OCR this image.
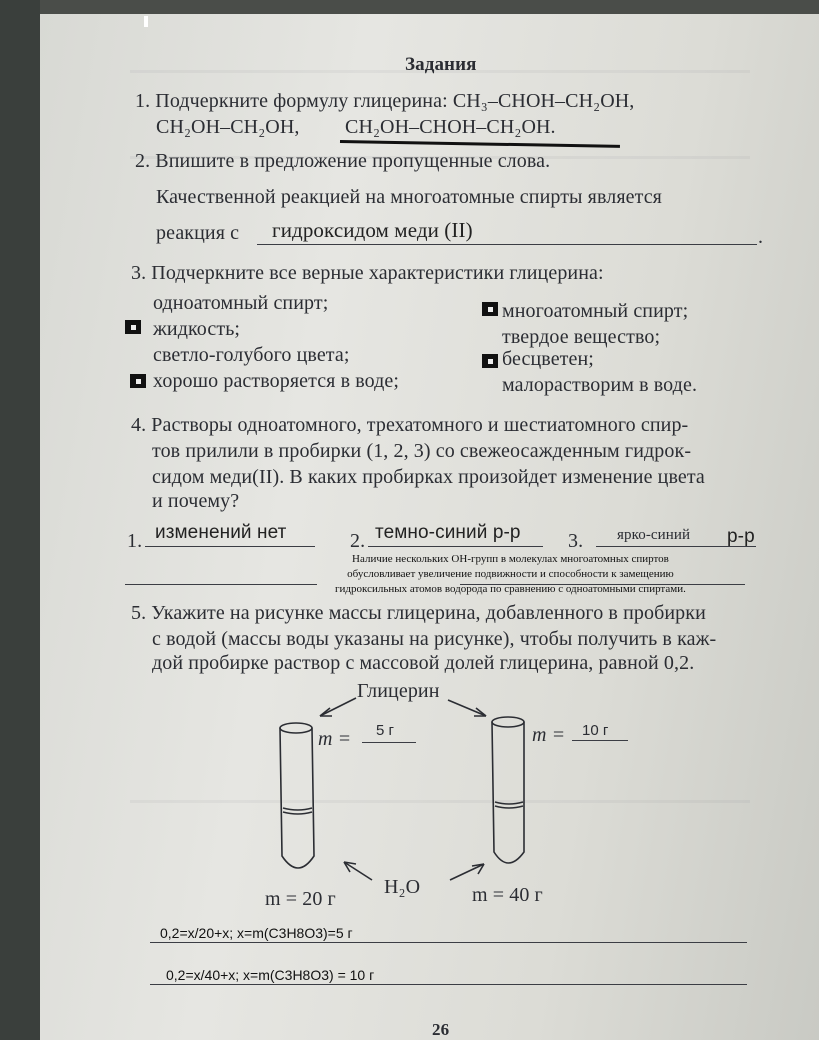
Задания
1. Подчеркните формулу глицерина: CH₃–CHOH–CH₂OH,
CH₂OH–CH₂OH, CH₂OH–CHOH–CH₂OH.
2. Впишите в предложение пропущенные слова.
Качественной реакцией на многоатомные спирты является
реакция с гидроксидом меди (II)	.
3. Подчеркните все верные характеристики глицерина:
одноатомный спирт;
жидкость;
светло-голубого цвета;
хорошо растворяется в воде;
многоатомный спирт;
твердое вещество;
бесцветен;
малорастворим в воде.
4. Растворы одноатомного, трехатомного и шестиатомного спир-
тов прилили в пробирки (1, 2, 3) со свежеосажденным гидрок-
сидом меди(II). В каких пробирках произойдет изменение цвета
и почему?
1. изменений нет	2. темно-синий р-р 3. ярко-синий р-р
Наличие нескольких ОН-групп в молекулах многоатомных спиртов
обусловливает увеличение подвижности и способности к замещению
гидроксильных атомов водорода по сравнению с одноатомными спиртами.
5. Укажите на рисунке массы глицерина, добавленного в пробирки
с водой (массы воды указаны на рисунке), чтобы получить в каж-
дой пробирке раствор с массовой долей глицерина, равной 0,2.
Глицерин
H₂O
m = 5 г	m = 10 г
m = 20 г	m = 40 г
0,2=x/20+x; x=m(C3H8O3)=5 г
0,2=x/40+x; x=m(C3H8O3) = 10 г
26
